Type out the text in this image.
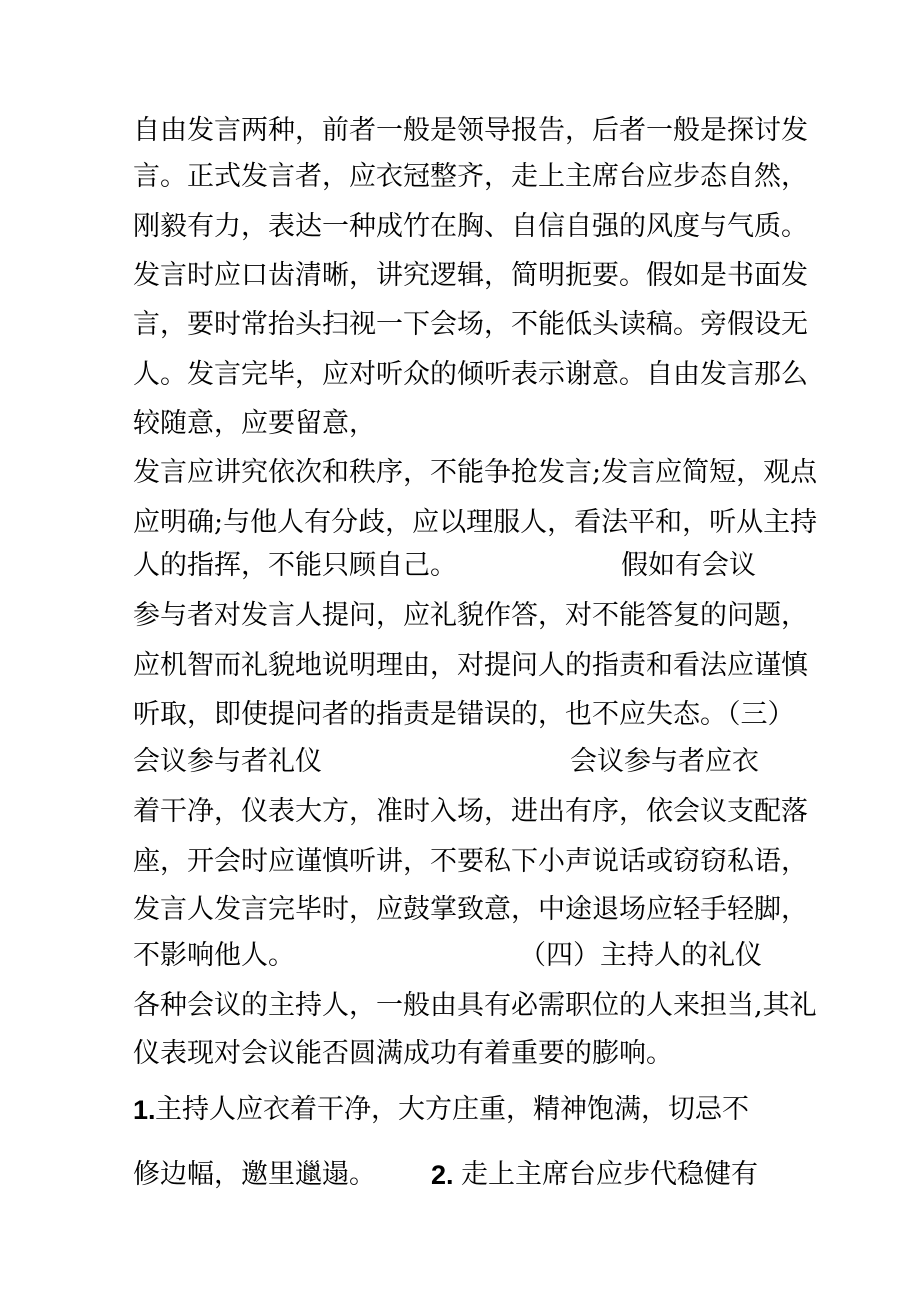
自由发言两种，前者一般是领导报告，后者一般是探讨发
言。正式发言者，应衣冠整齐，走上主席台应步态自然，
刚毅有力，表达一种成竹在胸、自信自强的风度与气质。
发言时应口齿清晰，讲究逻辑，简明扼要。假如是书面发
言，要时常抬头扫视一下会场，不能低头读稿。旁假设无
人。发言完毕，应对听众的倾听表示谢意。自由发言那么
较随意，应要留意，
发言应讲究依次和秩序，不能争抢发言;发言应简短，观点
应明确;与他人有分歧，应以理服人，看法平和，听从主持
人的指挥，不能只顾自己。	假如有会议
参与者对发言人提问，应礼貌作答，对不能答复的问题，
应机智而礼貌地说明理由，对提问人的指责和看法应谨慎
听取，即使提问者的指责是错误的，也不应失态。（三）
会议参与者礼仪	会议参与者应衣
着干净，仪表大方，准时入场，进出有序，依会议支配落
座，开会时应谨慎听讲，不要私下小声说话或窃窃私语，
发言人发言完毕时，应鼓掌致意，中途退场应轻手轻脚，
不影响他人。	（四）主持人的礼仪
各种会议的主持人，一般由具有必需职位的人来担当,其礼
仪表现对会议能否圆满成功有着重要的膨响。
1. 主持人应衣着干净，大方庄重，精神饱满，切忌不
修边幅，邀里邋遢。 2. 走上主席台应步代稳健有
